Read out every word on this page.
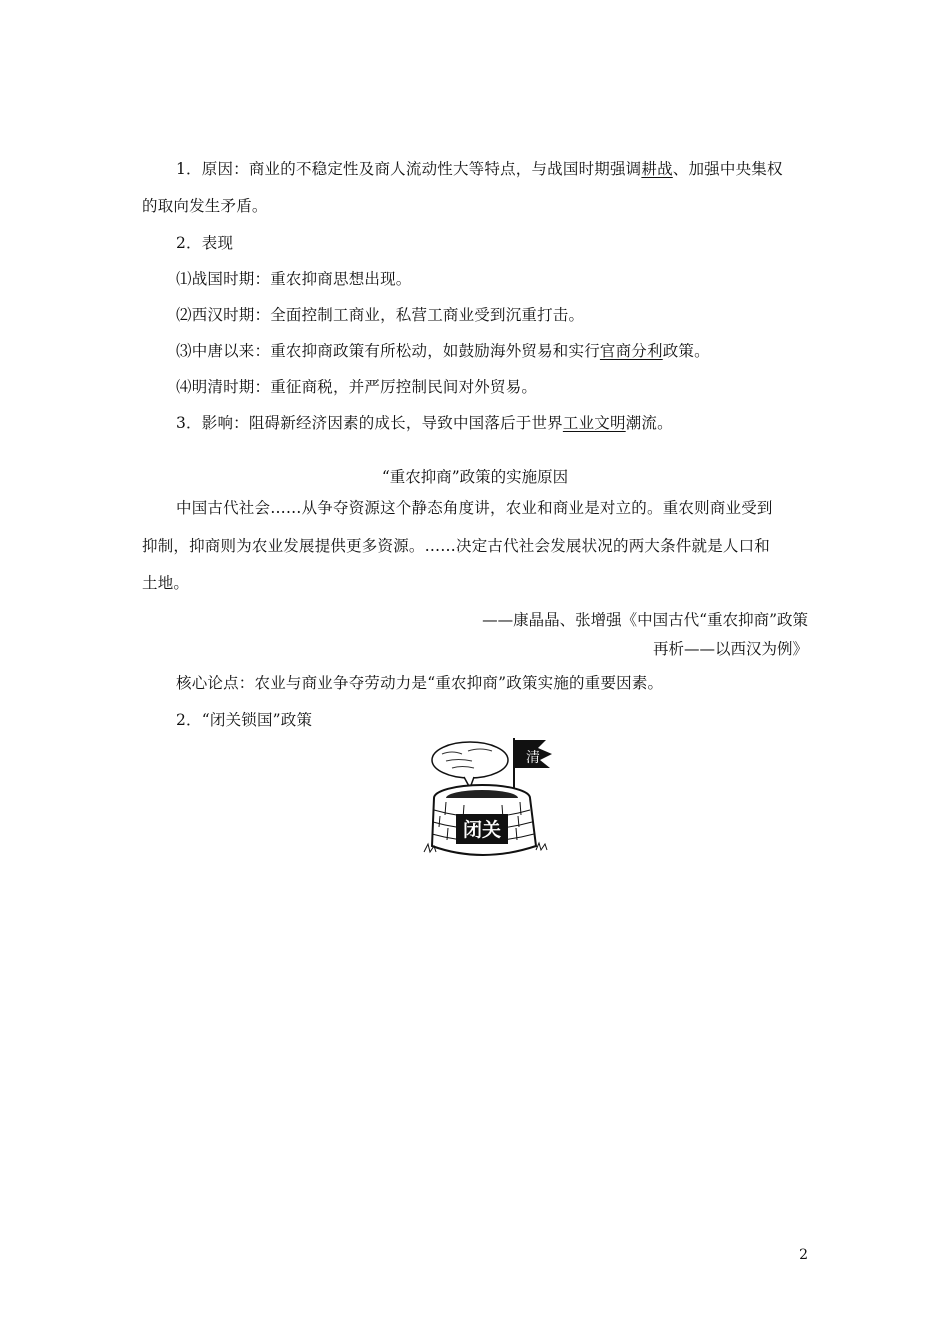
1．原因：商业的不稳定性及商人流动性大等特点，与战国时期强调耕战、加强中央集权
的取向发生矛盾。
2．表现
⑴战国时期：重农抑商思想出现。
⑵西汉时期：全面控制工商业，私营工商业受到沉重打击。
⑶中唐以来：重农抑商政策有所松动，如鼓励海外贸易和实行官商分利政策。
⑷明清时期：重征商税，并严厉控制民间对外贸易。
3．影响：阻碍新经济因素的成长，导致中国落后于世界工业文明潮流。
“重农抑商”政策的实施原因
中国古代社会……从争夺资源这个静态角度讲，农业和商业是对立的。重农则商业受到
抑制，抑商则为农业发展提供更多资源。……决定古代社会发展状况的两大条件就是人口和
土地。
——康晶晶、张增强《中国古代“重农抑商”政策
再析——以西汉为例》
核心论点：农业与商业争夺劳动力是“重农抑商”政策实施的重要因素。
2．“闭关锁国”政策
清
闭关
2
